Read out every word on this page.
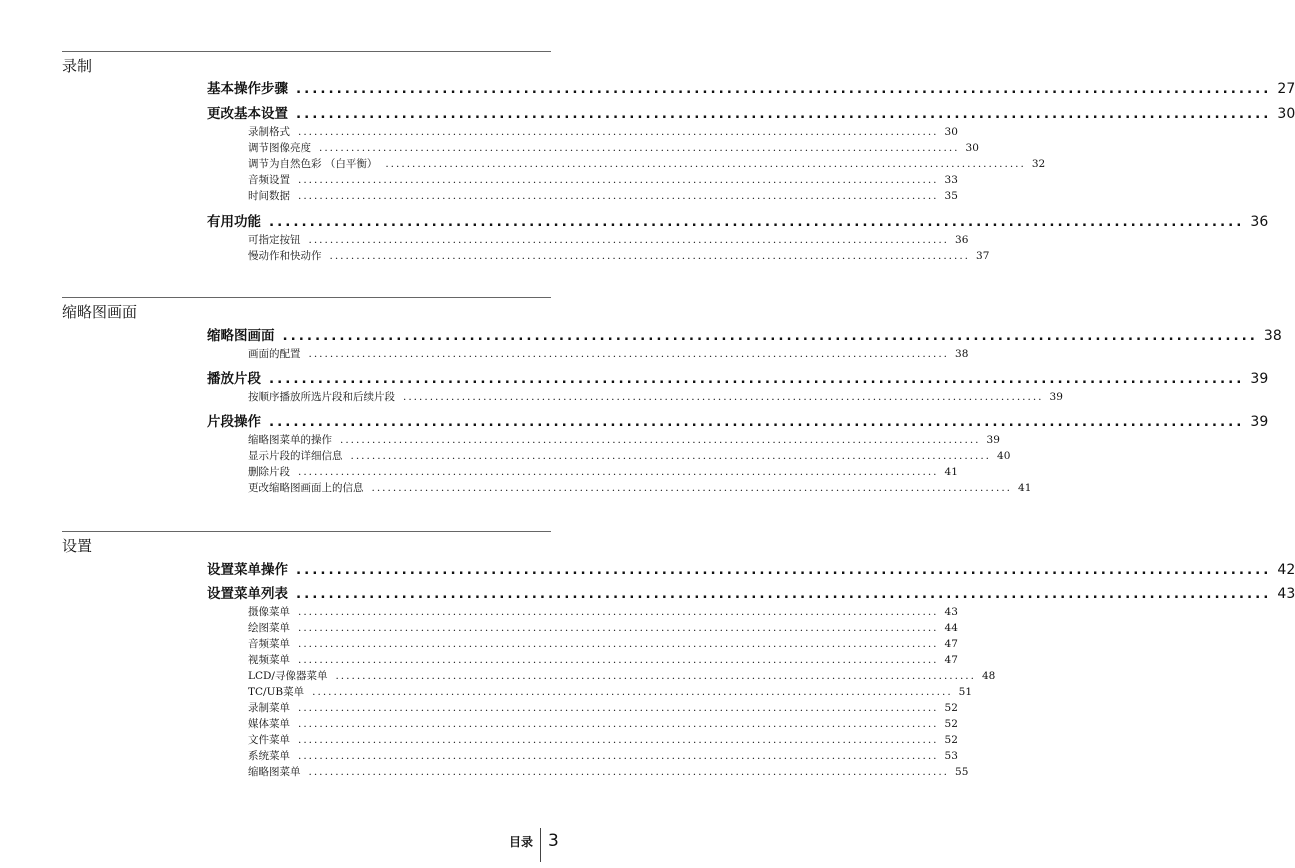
录制
基本操作步骤 ........................................................................................................................ 27
更改基本设置 ........................................................................................................................ 30
录制格式 ........................................................................................................................ 30
调节图像亮度 ........................................................................................................................ 30
调节为自然色彩 （白平衡） ........................................................................................................................ 32
音频设置 ........................................................................................................................ 33
时间数据 ........................................................................................................................ 35
有用功能 ........................................................................................................................ 36
可指定按钮 ........................................................................................................................ 36
慢动作和快动作 ........................................................................................................................ 37
缩略图画面
缩略图画面 ........................................................................................................................ 38
画面的配置 ........................................................................................................................ 38
播放片段 ........................................................................................................................ 39
按顺序播放所选片段和后续片段 ........................................................................................................................ 39
片段操作 ........................................................................................................................ 39
缩略图菜单的操作 ........................................................................................................................ 39
显示片段的详细信息 ........................................................................................................................ 40
删除片段 ........................................................................................................................ 41
更改缩略图画面上的信息 ........................................................................................................................ 41
设置
设置菜单操作 ........................................................................................................................ 42
设置菜单列表 ........................................................................................................................ 43
摄像菜单 ........................................................................................................................ 43
绘图菜单 ........................................................................................................................ 44
音频菜单 ........................................................................................................................ 47
视频菜单 ........................................................................................................................ 47
LCD/寻像器菜单 ........................................................................................................................ 48
TC/UB菜单 ........................................................................................................................ 51
录制菜单 ........................................................................................................................ 52
媒体菜单 ........................................................................................................................ 52
文件菜单 ........................................................................................................................ 52
系统菜单 ........................................................................................................................ 53
缩略图菜单 ........................................................................................................................ 55
目录 3
